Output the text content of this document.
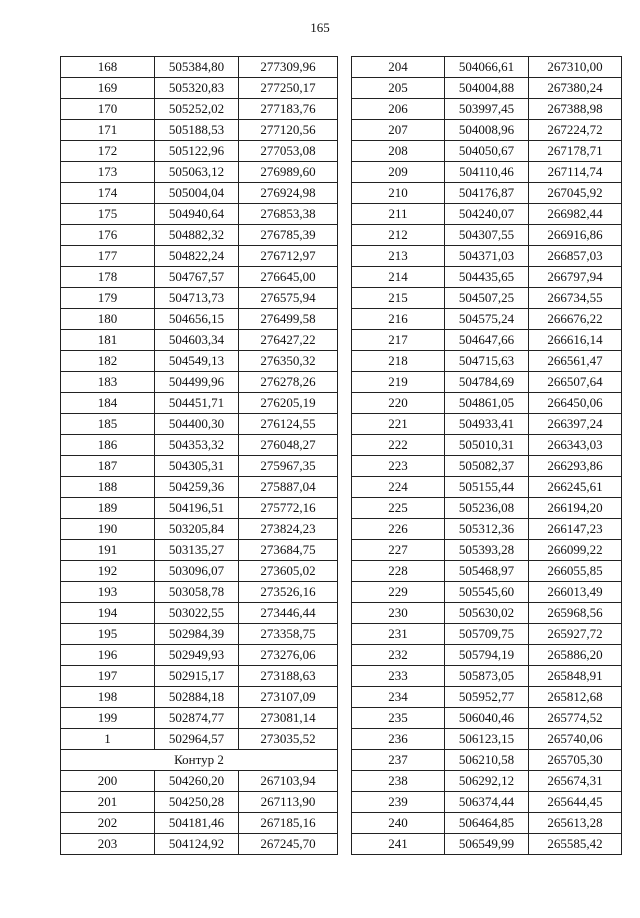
165
168	505384,80	277309,96
169	505320,83	277250,17
170	505252,02	277183,76
171	505188,53	277120,56
172	505122,96	277053,08
173	505063,12	276989,60
174	505004,04	276924,98
175	504940,64	276853,38
176	504882,32	276785,39
177	504822,24	276712,97
178	504767,57	276645,00
179	504713,73	276575,94
180	504656,15	276499,58
181	504603,34	276427,22
182	504549,13	276350,32
183	504499,96	276278,26
184	504451,71	276205,19
185	504400,30	276124,55
186	504353,32	276048,27
187	504305,31	275967,35
188	504259,36	275887,04
189	504196,51	275772,16
190	503205,84	273824,23
191	503135,27	273684,75
192	503096,07	273605,02
193	503058,78	273526,16
194	503022,55	273446,44
195	502984,39	273358,75
196	502949,93	273276,06
197	502915,17	273188,63
198	502884,18	273107,09
199	502874,77	273081,14
1	502964,57	273035,52
Контур 2		
200	504260,20	267103,94
201	504250,28	267113,90
202	504181,46	267185,16
203	504124,92	267245,70
204	504066,61	267310,00
205	504004,88	267380,24
206	503997,45	267388,98
207	504008,96	267224,72
208	504050,67	267178,71
209	504110,46	267114,74
210	504176,87	267045,92
211	504240,07	266982,44
212	504307,55	266916,86
213	504371,03	266857,03
214	504435,65	266797,94
215	504507,25	266734,55
216	504575,24	266676,22
217	504647,66	266616,14
218	504715,63	266561,47
219	504784,69	266507,64
220	504861,05	266450,06
221	504933,41	266397,24
222	505010,31	266343,03
223	505082,37	266293,86
224	505155,44	266245,61
225	505236,08	266194,20
226	505312,36	266147,23
227	505393,28	266099,22
228	505468,97	266055,85
229	505545,60	266013,49
230	505630,02	265968,56
231	505709,75	265927,72
232	505794,19	265886,20
233	505873,05	265848,91
234	505952,77	265812,68
235	506040,46	265774,52
236	506123,15	265740,06
237	506210,58	265705,30
238	506292,12	265674,31
239	506374,44	265644,45
240	506464,85	265613,28
241	506549,99	265585,42
